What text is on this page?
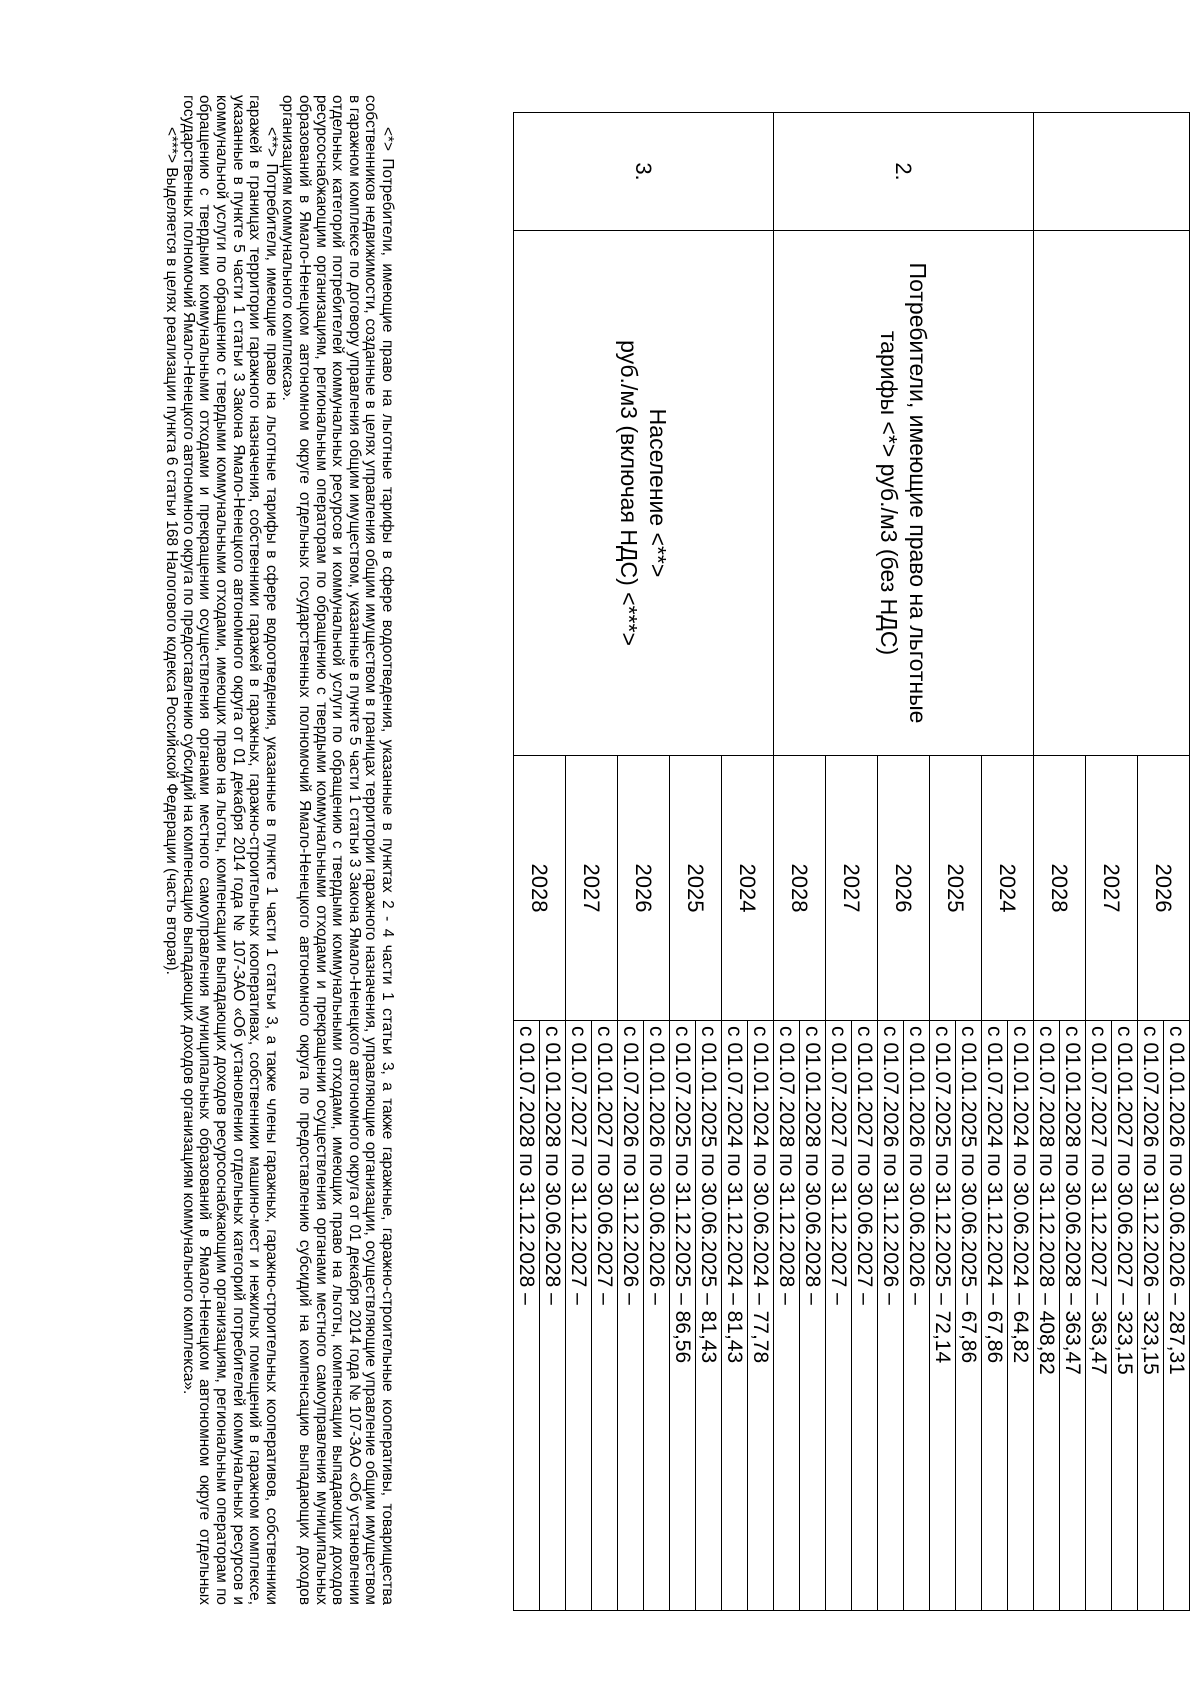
		2026	с 01.01.2026 по 30.06.2026 – 287,31
			с 01.07.2026 по 31.12.2026 – 323,15
		2027	с 01.01.2027 по 30.06.2027 – 323,15
			с 01.07.2027 по 31.12.2027 – 363,47
		2028	с 01.01.2028 по 30.06.2028 – 363,47
			с 01.07.2028 по 31.12.2028 – 408,82
2.	Потребители, имеющие право на льготные тарифы <*> руб./м3 (без НДС)	2024	с 01.01.2024 по 30.06.2024 – 64,82
			с 01.07.2024 по 31.12.2024 – 67,86
		2025	с 01.01.2025 по 30.06.2025 – 67,86
			с 01.07.2025 по 31.12.2025 – 72,14
		2026	с 01.01.2026 по 30.06.2026 –
			с 01.07.2026 по 31.12.2026 –
		2027	с 01.01.2027 по 30.06.2027 –
			с 01.07.2027 по 31.12.2027 –
		2028	с 01.01.2028 по 30.06.2028 –
			с 01.07.2028 по 31.12.2028 –
3.	Население <**>
руб./м3 (включая НДС) <***>	2024	с 01.01.2024 по 30.06.2024 – 77,78
			с 01.07.2024 по 31.12.2024 – 81,43
		2025	с 01.01.2025 по 30.06.2025 – 81,43
			с 01.07.2025 по 31.12.2025 – 86,56
		2026	с 01.01.2026 по 30.06.2026 –
			с 01.07.2026 по 31.12.2026 –
		2027	с 01.01.2027 по 30.06.2027 –
			с 01.07.2027 по 31.12.2027 –
		2028	с 01.01.2028 по 30.06.2028 –
			с 01.07.2028 по 31.12.2028 –

<*> Потребители, имеющие право на льготные тарифы в сфере водоотведения, указанные в пунктах 2 - 4 части 1 статьи 3, а также гаражные, гаражно-строительные кооперативы, товарищества собственников недвижимости, созданные в целях управления общим имуществом в границах территории гаражного назначения, управляющие организации, осуществляющие управление общим имуществом в гаражном комплексе по договору управления общим имуществом, указанные в пункте 5 части 1 статьи 3 Закона Ямало-Ненецкого автономного округа от 01 декабря 2014 года № 107-ЗАО «Об установлении отдельных категорий потребителей коммунальных ресурсов и коммунальной услуги по обращению с твердыми коммунальными отходами, имеющих право на льготы, компенсации выпадающих доходов ресурсоснабжающим организациям, региональным операторам по обращению с твердыми коммунальными отходами и прекращении осуществления органами местного самоуправления муниципальных образований в Ямало-Ненецком автономном округе отдельных государственных полномочий Ямало-Ненецкого автономного округа по предоставлению субсидий на компенсацию выпадающих доходов организациям коммунального комплекса».

<**> Потребители, имеющие право на льготные тарифы в сфере водоотведения, указанные в пункте 1 части 1 статьи 3, а также члены гаражных, гаражно-строительных кооперативов, собственники гаражей в границах территории гаражного назначения, собственники гаражей в гаражных, гаражно-строительных кооперативах, собственники машино-мест и нежилых помещений в гаражном комплексе, указанные в пункте 5 части 1 статьи 3 Закона Ямало-Ненецкого автономного округа от 01 декабря 2014 года № 107-ЗАО «Об установлении отдельных категорий потребителей коммунальных ресурсов и коммунальной услуги по обращению с твердыми коммунальными отходами, имеющих право на льготы, компенсации выпадающих доходов ресурсоснабжающим организациям, региональным операторам по обращению с твердыми коммунальными отходами и прекращении осуществления органами местного самоуправления муниципальных образований в Ямало-Ненецком автономном округе отдельных государственных полномочий Ямало-Ненецкого автономного округа по предоставлению субсидий на компенсацию выпадающих доходов организациям коммунального комплекса».

<***> Выделяется в целях реализации пункта 6 статьи 168 Налогового кодекса Российской Федерации (часть вторая).
